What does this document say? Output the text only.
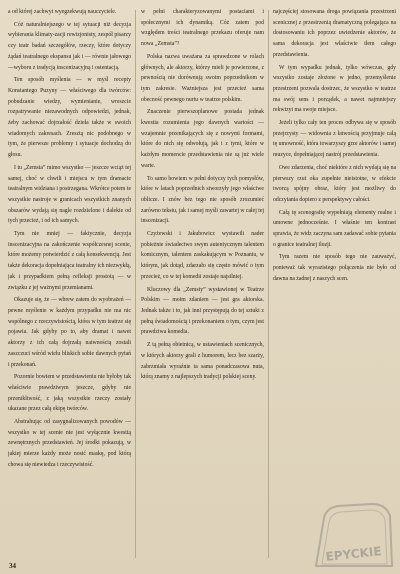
a od której zachwyt wyegzekwują nauczyciele.

Cóż naturalniejszego w tej sytuacji niż decyzja wybierania klimaty-zacji rewizjonisty, zespół pisarzy czy teatr badań szczegółów, rzeczy, które dotyczy żądań teatralnego ekspansu jak i — równie jałowego —wyboru z tradycją inscenizacyjną i ostentacją.

Ten sposób myślenia — w myśl recepty Konstantego Puzyny — właściwego dla twórców: pobudzanie wiedzy, wymienianie, wreszcie rozpatrywanie niezawodnych odpowiedzi, jednak, żeby zachować dojrzałość dzieła także w swoich wiadomych zakresach. Zresztą nic podobnego w tym, że pierwsze problemy i sytuacje dochodzą do głosu.

I tu „Zemsta” mimo wszystko — jeszcze wciąż tej samej, choć w chwili i miejscu w tym dramacie teatralnym widziana i postrzegana. Wkrótce potem te wszystkie nastroje w granicach wszystkich znanych obszarów wydają się nagle rozdzielone i dalekie od tych przecież, i od ich samych.

Tym nie mniej — faktycznie, decyzja inscenizacyjna na zakończenie współczesnej scenie, które możemy potwierdzić z całą konsekwencją. Jest także dekoracja dopełniająca teatralny ich niezwykłą, jak i przypadkiem pełną refleksji prostotą — w związku z jej ważnymi przemianami.

Okazuje się, że — wbrew zatem do wyobrażeń — pewne myślenie w każdym przypadku nie ma nic wspólnego z rzeczywistością, która w tym teatrze się pojawia. Jak gdyby po to, aby dramat i nawet aktorzy z ich całą dojrzałą naiwnością zostali zaszczuci wśród wielu bliskich sobie dawnych pytań i przekonań.

Pozornie bowiem w przedstawieniu nie byłoby tak właściwie prawdziwym jeszcze, gdyby nie przenikliwość, z jaką wszystkie rzeczy zostały ukazane przez całą ekipę twórców.

Abstrahując od zasygnalizowanych powodów — wszystko w tej scenie nie jest wyłącznie kwestią zewnętrznych przedstawień. Jej środki pokazują, w jakiej mierze każdy może nosić maskę, pod którą chowa się niewiedza i rzeczywistość.

w pełni charakteryzowanymi postaciami i społecznymi ich dynamiką. Cóż zatem pod względem treści teatralnego przekazu oferuje nam nowa „Zemsta”?

Polska nazwa uważana za sprawdzone w rolach głównych, ale aktorzy, którzy mieli je powierzone, z pewnością nie dorównują swoim poprzednikom w tym zakresie. Ważniejsza jest przecież sama obecność pewnego nurtu w teatrze polskim.

Znaczenie pierwszoplanowe posiada jednak kwestia rozumienia jego dawnych wartości — wzajemnie przenikających się z nowymi formami, które do nich się odwołują, jak i z tymi, które w każdym momencie przedstawienia nie są już wiele warte.

To samo bowiem w pełni dotyczy tych pomysłów, które w latach poprzednich stworzyły jego właściwe oblicze. I znów bez tego nie sposób zrozumieć zarówno tekstu, jak i samej myśli zawartej w całej tej inscenizacji.

Czyżewski i Jakubowicz wystawili nader pobieżnie świadectwo swym autentycznym talentem komicznym, talentem zaskakującym w Poznaniu, w którym, jak dotąd, zdarzało się często mówić o tym przecież, co w tej komedii zostaje najsilniej.

Kluczowy dla „Zemsty” wystawionej w Teatrze Polskim — moim zdaniem — jest gra aktorska. Jednak także i to, jak inni przystępują do tej sztuki z pełną świadomością i przekonaniem o tym, czym jest prawdziwa komedia.

Z tą pełną obietnicą, w ustawieniach scenicznych, w których aktorzy grali z humorem, lecz bez szarży, zabrzmiała wyraźnie ta sama ponadczasowa nuta, którą znamy z najlepszych tradycji polskiej sceny.

najczęściej stosowana droga powiązania przestrzeni scenicznej z przestrzenią dramatyczną polegająca na dostosowaniu ich poprzez uwiedzenie aktorów, że sama dekoracja jest właściwie tłem całego przedstawienia.

W tym wypadku jednak, tylko wówczas, gdy wszystko zostaje złożone w jedno, przemyślenie przestrzeni pozwala dostrzec, że wszystko w teatrze ma swój sens i porządek, a nawet najmniejszy rekwizyt ma swoje miejsce.

Jeżeli tylko cały ten proces odbywa się w sposób przejrzysty — widownia z łatwością przyjmuje całą tę umowność, która towarzyszy grze aktorów i samej muzyce, dopełniającej nastrój przedstawienia.

Owe zdarzenia, choć niektóre z nich wydają się na pierwszy rzut oka zupełnie nieistotne, w efekcie tworzą spójny obraz, który jest możliwy do odczytania dopiero z perspektywy całości.

Całą tę scenografię wypełniają elementy realne i umowne jednocześnie. I właśnie ten kontrast sprawia, że widz zaczyna sam zadawać sobie pytania o granice teatralnej iluzji.

Tym razem nie sposób tego nie zauważyć, ponieważ tak wyrazistego połączenia nie było od dawna na żadnej z naszych scen.

34
EPYCKIE
